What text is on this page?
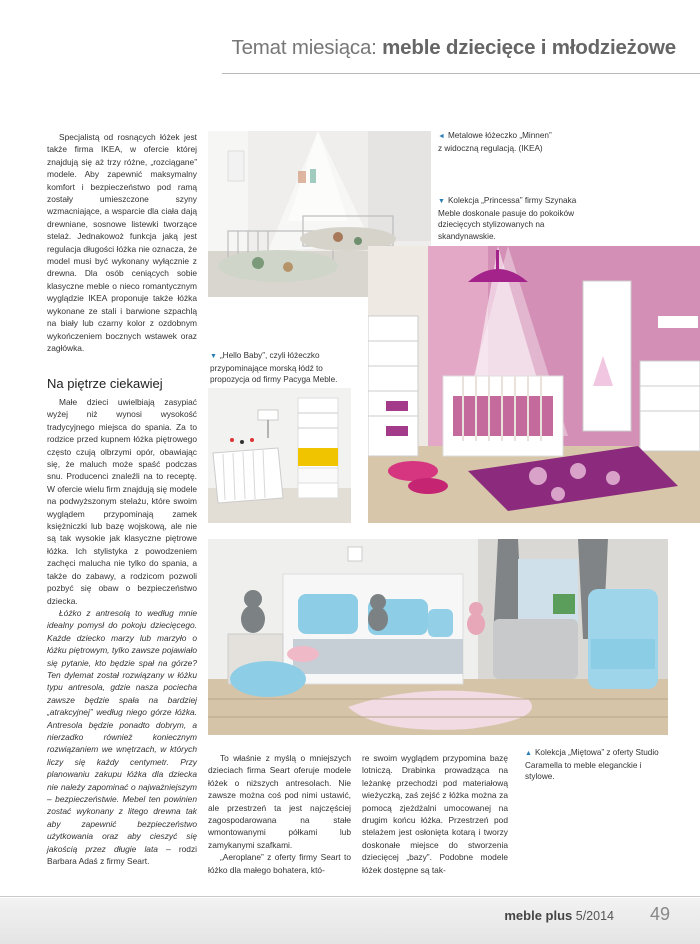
Temat miesiąca: meble dziecięce i młodzieżowe

Specjalistą od rosnących łóżek jest także firma IKEA, w ofercie której znajdują się aż trzy różne, „rozciągane” modele. Aby zapewnić maksymalny komfort i bezpieczeństwo pod ramą zostały umieszczone szyny wzmacniające, a wsparcie dla ciała dają drewniane, sosnowe listewki tworzące stelaż. Jednakowoż funkcja jaką jest regulacja długości łóżka nie oznacza, że model musi być wykonany wyłącznie z drewna. Dla osób ceniących sobie klasyczne meble o nieco romantycznym wyglądzie IKEA proponuje także łóżka wykonane ze stali i barwione szpachlą na biały lub czarny kolor z ozdobnym wykończeniem bocznych wstawek oraz zagłówka.

Na piętrze ciekawiej

Małe dzieci uwielbiają zasypiać wyżej niż wynosi wysokość tradycyjnego miejsca do spania. Za to rodzice przed kupnem łóżka piętrowego często czują olbrzymi opór, obawiając się, że maluch może spaść podczas snu. Producenci znaleźli na to receptę. W ofercie wielu firm znajdują się modele na podwyższonym stelażu, które swoim wyglądem przypominają zamek księżniczki lub bazę wojskową, ale nie są tak wysokie jak klasyczne piętrowe łóżka. Ich stylistyka z powodzeniem zachęci malucha nie tylko do spania, a także do zabawy, a rodzicom pozwoli pozbyć się obaw o bezpieczeństwo dziecka.

Łóżko z antresolą to według mnie idealny pomysł do pokoju dziecięcego. Każde dziecko marzy lub marzyło o łóżku piętrowym, tylko zawsze pojawiało się pytanie, kto będzie spał na górze? Ten dylemat został rozwiązany w łóżku typu antresola, gdzie nasza pociecha zawsze będzie spała na bardziej „atrakcyjnej” według niego górze łóżka. Antresola będzie ponadto dobrym, a nierzadko również koniecznym rozwiązaniem we wnętrzach, w których liczy się każdy centymetr. Przy planowaniu zakupu łóżka dla dziecka nie należy zapominać o najważniejszym – bezpieczeństwie. Mebel ten powinien zostać wykonany z litego drewna tak aby zapewnić bezpieczeństwo użytkowania oraz aby cieszyć się jakością przez długie lata – rodzi Barbara Adaś z firmy Seart.

To właśnie z myślą o mniejszych dzieciach firma Seart oferuje modele łóżek o niższych antresolach. Nie zawsze można coś pod nimi ustawić, ale przestrzeń ta jest najczęściej zagospodarowana na stałe wmontowanymi półkami lub zamykanymi szafkami.

„Aeroplane” z oferty firmy Seart to łóżko dla małego bohatera, któ-

re swoim wyglądem przypomina bazę lotniczą. Drabinka prowadząca na leżankę przechodzi pod materiałową wieżyczką, zaś zejść z łóżka można za pomocą zjeżdżalni umocowanej na drugim końcu łóżka. Przestrzeń pod stelażem jest osłonięta kotarą i tworzy doskonałe miejsce do stworzenia dziecięcej „bazy”. Podobne modele łóżek dostępne są tak-

◄ Metalowe łóżeczko „Minnen” z widoczną regulacją. (IKEA)
▼ Kolekcja „Princessa” firmy Szynaka Meble doskonale pasuje do pokoików dziecięcych stylizowanych na skandynawskie.
▼ „Hello Baby”, czyli łóżeczko przypominające morską łódź to propozycja od firmy Pacyga Meble.
▲ Kolekcja „Miętowa” z oferty Studio Caramella to meble eleganckie i stylowe.
meble plus 5/2014 49
